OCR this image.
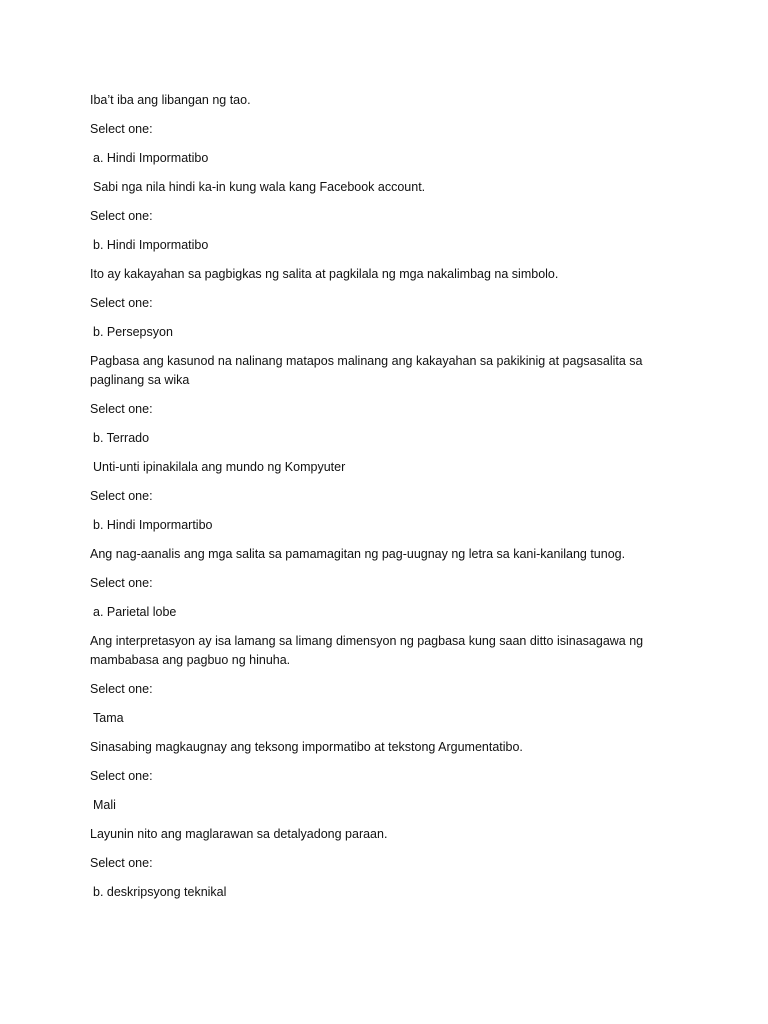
Iba’t iba ang libangan ng tao.

Select one:

a. Hindi Impormatibo

Sabi nga nila hindi ka-in kung wala kang Facebook account.

Select one:

b. Hindi Impormatibo

Ito ay kakayahan sa pagbigkas ng salita at pagkilala ng mga nakalimbag na simbolo.

Select one:

b. Persepsyon

Pagbasa ang kasunod na nalinang matapos malinang ang kakayahan sa pakikinig at pagsasalita sa paglinang sa wika

Select one:

b. Terrado

Unti-unti ipinakilala ang mundo ng Kompyuter

Select one:

b. Hindi Impormartibo

Ang nag-aanalis ang mga salita sa pamamagitan ng pag-uugnay ng letra sa kani-kanilang tunog.

Select one:

a. Parietal lobe

Ang interpretasyon ay isa lamang sa limang dimensyon ng pagbasa kung saan ditto isinasagawa ng mambabasa ang pagbuo ng hinuha.

Select one:

Tama

Sinasabing magkaugnay ang teksong impormatibo at tekstong Argumentatibo.

Select one:

Mali

Layunin nito ang maglarawan sa detalyadong paraan.

Select one:

b. deskripsyong teknikal
